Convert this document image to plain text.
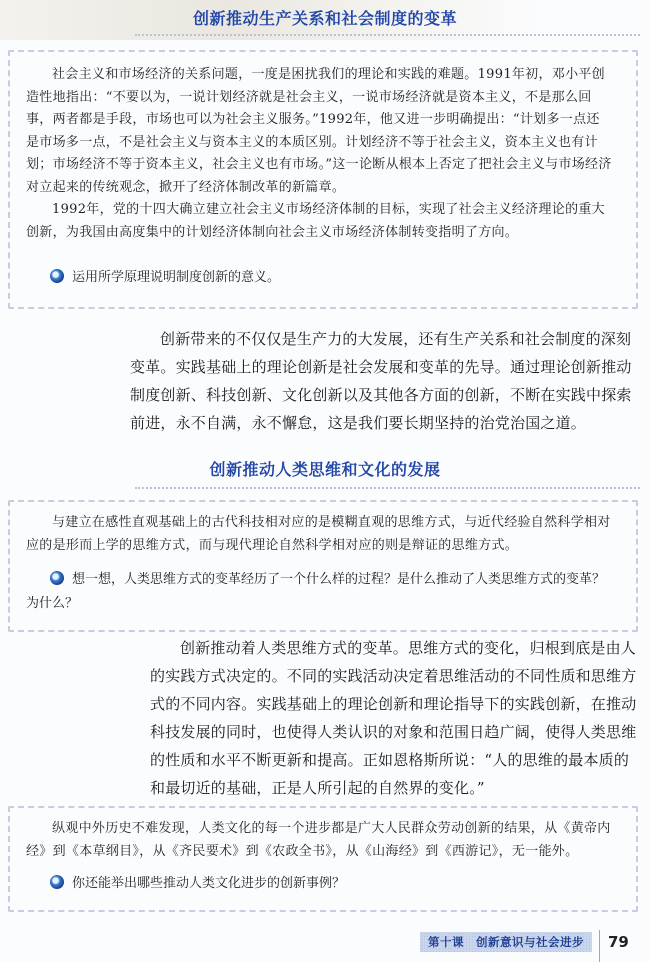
创新推动生产关系和社会制度的变革

社会主义和市场经济的关系问题，一度是困扰我们的理论和实践的难题。1991年初，邓小平创造性地指出：“不要以为，一说计划经济就是社会主义，一说市场经济就是资本主义，不是那么回事，两者都是手段，市场也可以为社会主义服务。”1992年，他又进一步明确提出：“计划多一点还是市场多一点，不是社会主义与资本主义的本质区别。计划经济不等于社会主义，资本主义也有计划；市场经济不等于资本主义，社会主义也有市场。”这一论断从根本上否定了把社会主义与市场经济对立起来的传统观念，掀开了经济体制改革的新篇章。

1992年，党的十四大确立建立社会主义市场经济体制的目标，实现了社会主义经济理论的重大创新，为我国由高度集中的计划经济体制向社会主义市场经济体制转变指明了方向。

运用所学原理说明制度创新的意义。

创新带来的不仅仅是生产力的大发展，还有生产关系和社会制度的深刻变革。实践基础上的理论创新是社会发展和变革的先导。通过理论创新推动制度创新、科技创新、文化创新以及其他各方面的创新，不断在实践中探索前进，永不自满，永不懈怠，这是我们要长期坚持的治党治国之道。

创新推动人类思维和文化的发展

与建立在感性直观基础上的古代科技相对应的是模糊直观的思维方式，与近代经验自然科学相对应的是形而上学的思维方式，而与现代理论自然科学相对应的则是辩证的思维方式。

想一想，人类思维方式的变革经历了一个什么样的过程？是什么推动了人类思维方式的变革？为什么？

创新推动着人类思维方式的变革。思维方式的变化，归根到底是由人的实践方式决定的。不同的实践活动决定着思维活动的不同性质和思维方式的不同内容。实践基础上的理论创新和理论指导下的实践创新，在推动科技发展的同时，也使得人类认识的对象和范围日趋广阔，使得人类思维的性质和水平不断更新和提高。正如恩格斯所说：“人的思维的最本质的和最切近的基础，正是人所引起的自然界的变化。”

纵观中外历史不难发现，人类文化的每一个进步都是广大人民群众劳动创新的结果，从《黄帝内经》到《本草纲目》，从《齐民要术》到《农政全书》，从《山海经》到《西游记》，无一能外。

你还能举出哪些推动人类文化进步的创新事例？
第十课　创新意识与社会进步	79
